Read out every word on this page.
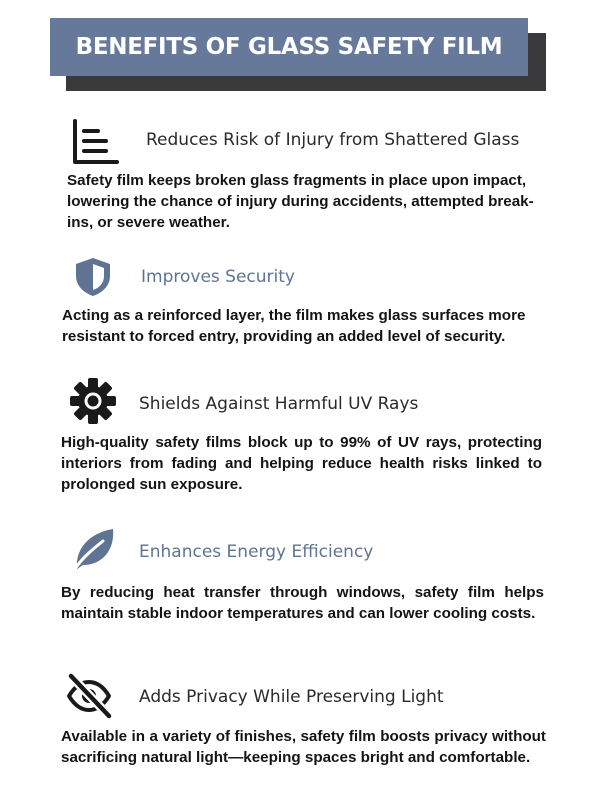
BENEFITS OF GLASS SAFETY FILM
Reduces Risk of Injury from Shattered Glass
Safety film keeps broken glass fragments in place upon impact, lowering the chance of injury during accidents, attempted break-ins, or severe weather.
Improves Security
Acting as a reinforced layer, the film makes glass surfaces more resistant to forced entry, providing an added level of security.
Shields Against Harmful UV Rays
High-quality safety films block up to 99% of UV rays, protecting interiors from fading and helping reduce health risks linked to prolonged sun exposure.
Enhances Energy Efficiency
By reducing heat transfer through windows, safety film helps maintain stable indoor temperatures and can lower cooling costs.
Adds Privacy While Preserving Light
Available in a variety of finishes, safety film boosts privacy without sacrificing natural light—keeping spaces bright and comfortable.
